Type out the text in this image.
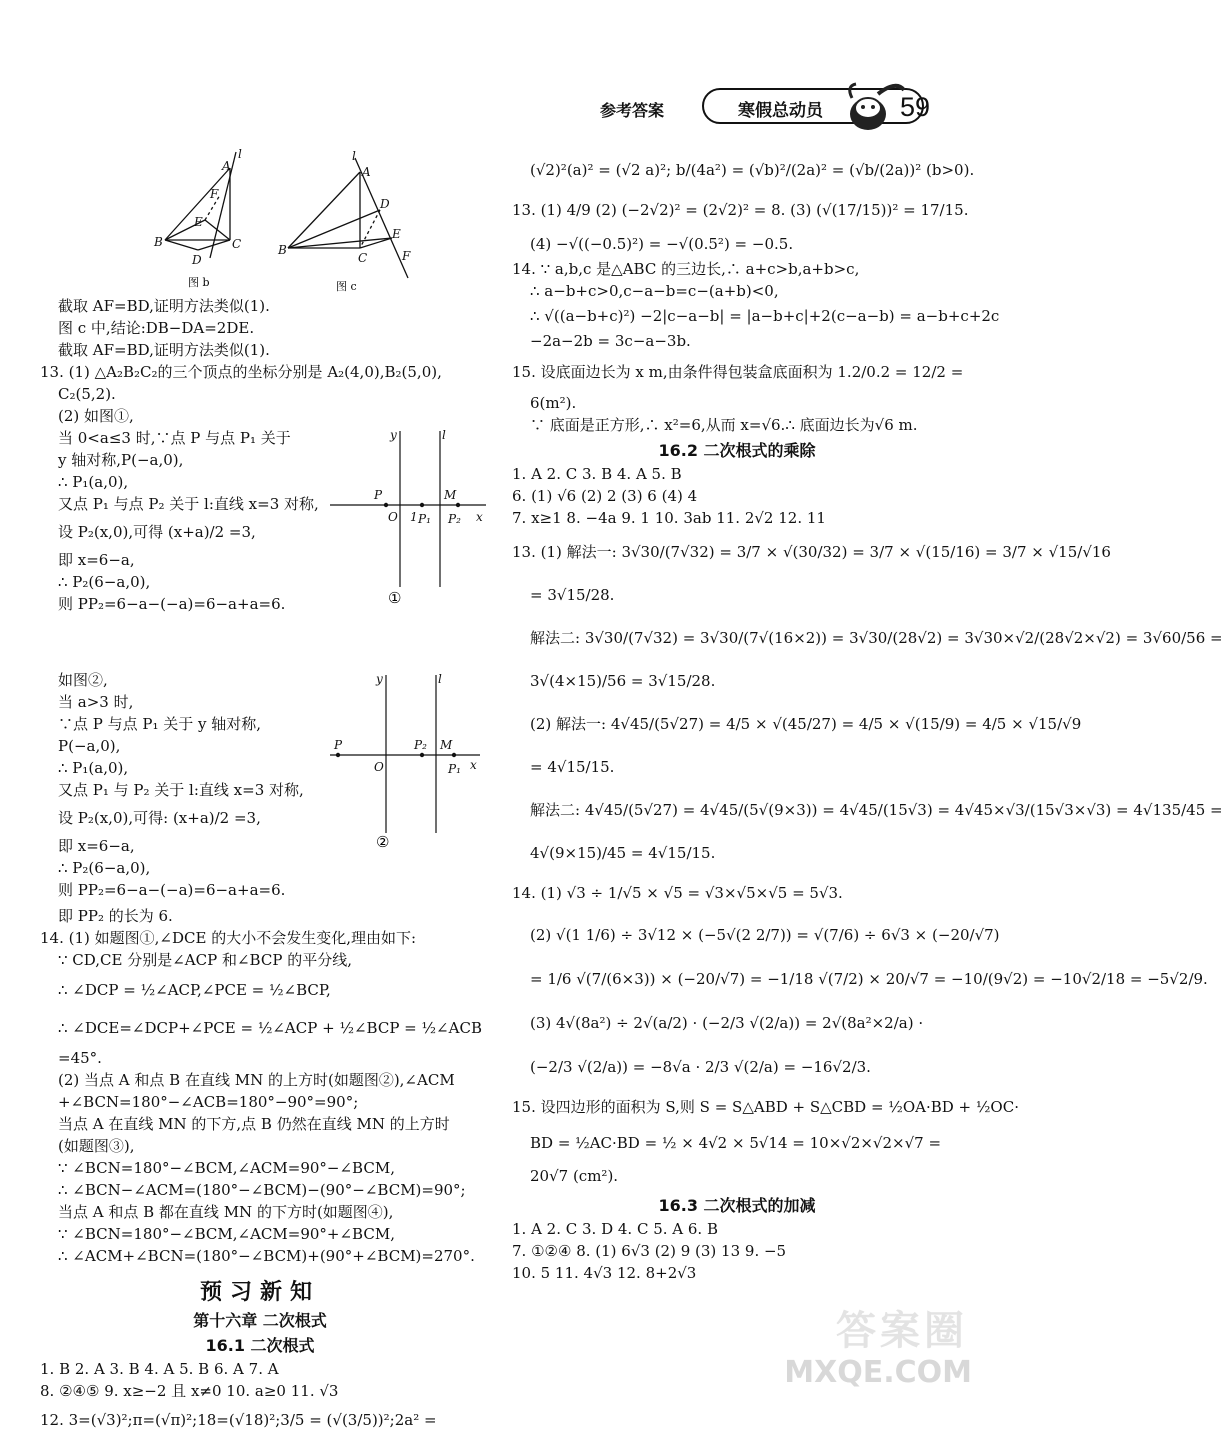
参考答案	寒假总动员	59
A
l
F
E
B	C
D
l
A
D
E
B
C	F
图 b	图 c
截取 AF=BD,证明方法类似(1).
图 c 中,结论:DB−DA=2DE.
截取 AF=BD,证明方法类似(1).
13. (1) △A₂B₂C₂的三个顶点的坐标分别是 A₂(4,0),B₂(5,0),
C₂(5,2).
(2) 如图①,
当 0<a≤3 时,∵点 P 与点 P₁ 关于
y 轴对称,P(−a,0),
∴ P₁(a,0),
又点 P₁ 与点 P₂ 关于 l:直线 x=3 对称,
设 P₂(x,0),可得 (x+a)/2 =3,
即 x=6−a,
∴ P₂(6−a,0),
则 PP₂=6−a−(−a)=6−a+a=6.
y	l
P	M
O 1 P₁ P₂ x
①
如图②,
当 a>3 时,
∵点 P 与点 P₁ 关于 y 轴对称,
P(−a,0),
∴ P₁(a,0),
又点 P₁ 与 P₂ 关于 l:直线 x=3 对称,
设 P₂(x,0),可得: (x+a)/2 =3,
即 x=6−a,
∴ P₂(6−a,0),
则 PP₂=6−a−(−a)=6−a+a=6.
y	l
P	P₂ M
O	P₁ x
②
即 PP₂ 的长为 6.
14. (1) 如题图①,∠DCE 的大小不会发生变化,理由如下:
∵ CD,CE 分别是∠ACP 和∠BCP 的平分线,
∴ ∠DCP = ½∠ACP,∠PCE = ½∠BCP,
∴ ∠DCE=∠DCP+∠PCE = ½∠ACP + ½∠BCP = ½∠ACB
=45°.
(2) 当点 A 和点 B 在直线 MN 的上方时(如题图②),∠ACM
+∠BCN=180°−∠ACB=180°−90°=90°;
当点 A 在直线 MN 的下方,点 B 仍然在直线 MN 的上方时
(如题图③),
∵ ∠BCN=180°−∠BCM,∠ACM=90°−∠BCM,
∴ ∠BCN−∠ACM=(180°−∠BCM)−(90°−∠BCM)=90°;
当点 A 和点 B 都在直线 MN 的下方时(如题图④),
∵ ∠BCN=180°−∠BCM,∠ACM=90°+∠BCM,
∴ ∠ACM+∠BCN=(180°−∠BCM)+(90°+∠BCM)=270°.
预习新知
第十六章 二次根式
16.1 二次根式
1. B 2. A 3. B 4. A 5. B 6. A 7. A
8. ②④⑤ 9. x≥−2 且 x≠0 10. a≥0 11. √3
12. 3=(√3)²;π=(√π)²;18=(√18)²;3/5 = (√(3/5))²;2a² =
(√2)²(a)² = (√2 a)²; b/(4a²) = (√b)²/(2a)² = (√b/(2a))² (b>0).
13. (1) 4/9 (2) (−2√2)² = (2√2)² = 8. (3) (√(17/15))² = 17/15.
(4) −√((−0.5)²) = −√(0.5²) = −0.5.
14. ∵ a,b,c 是△ABC 的三边长,∴ a+c>b,a+b>c,
∴ a−b+c>0,c−a−b=c−(a+b)<0,
∴ √((a−b+c)²) −2|c−a−b| = |a−b+c|+2(c−a−b) = a−b+c+2c
−2a−2b = 3c−a−3b.
15. 设底面边长为 x m,由条件得包装盒底面积为 1.2/0.2 = 12/2 =
6(m²).
∵ 底面是正方形,∴ x²=6,从而 x=√6.∴ 底面边长为√6 m.
16.2 二次根式的乘除
1. A 2. C 3. B 4. A 5. B
6. (1) √6 (2) 2 (3) 6 (4) 4
7. x≥1 8. −4a 9. 1 10. 3ab 11. 2√2 12. 11
13. (1) 解法一: 3√30/(7√32) = 3/7 × √(30/32) = 3/7 × √(15/16) = 3/7 × √15/√16
= 3√15/28.
解法二: 3√30/(7√32) = 3√30/(7√(16×2)) = 3√30/(28√2) = 3√30×√2/(28√2×√2) = 3√60/56 =
3√(4×15)/56 = 3√15/28.
(2) 解法一: 4√45/(5√27) = 4/5 × √(45/27) = 4/5 × √(15/9) = 4/5 × √15/√9
= 4√15/15.
解法二: 4√45/(5√27) = 4√45/(5√(9×3)) = 4√45/(15√3) = 4√45×√3/(15√3×√3) = 4√135/45 =
4√(9×15)/45 = 4√15/15.
14. (1) √3 ÷ 1/√5 × √5 = √3×√5×√5 = 5√3.
(2) √(1 1/6) ÷ 3√12 × (−5√(2 2/7)) = √(7/6) ÷ 6√3 × (−20/√7)
= 1/6 √(7/(6×3)) × (−20/√7) = −1/18 √(7/2) × 20/√7 = −10/(9√2) = −10√2/18 = −5√2/9.
(3) 4√(8a²) ÷ 2√(a/2) · (−2/3 √(2/a)) = 2√(8a²×2/a) ·
(−2/3 √(2/a)) = −8√a · 2/3 √(2/a) = −16√2/3.
15. 设四边形的面积为 S,则 S = S△ABD + S△CBD = ½OA·BD + ½OC·
BD = ½AC·BD = ½ × 4√2 × 5√14 = 10×√2×√2×√7 =
20√7 (cm²).
16.3 二次根式的加减
1. A 2. C 3. D 4. C 5. A 6. B
7. ①②④ 8. (1) 6√3 (2) 9 (3) 13 9. −5
10. 5 11. 4√3 12. 8+2√3
答案圈
MXQE.COM
